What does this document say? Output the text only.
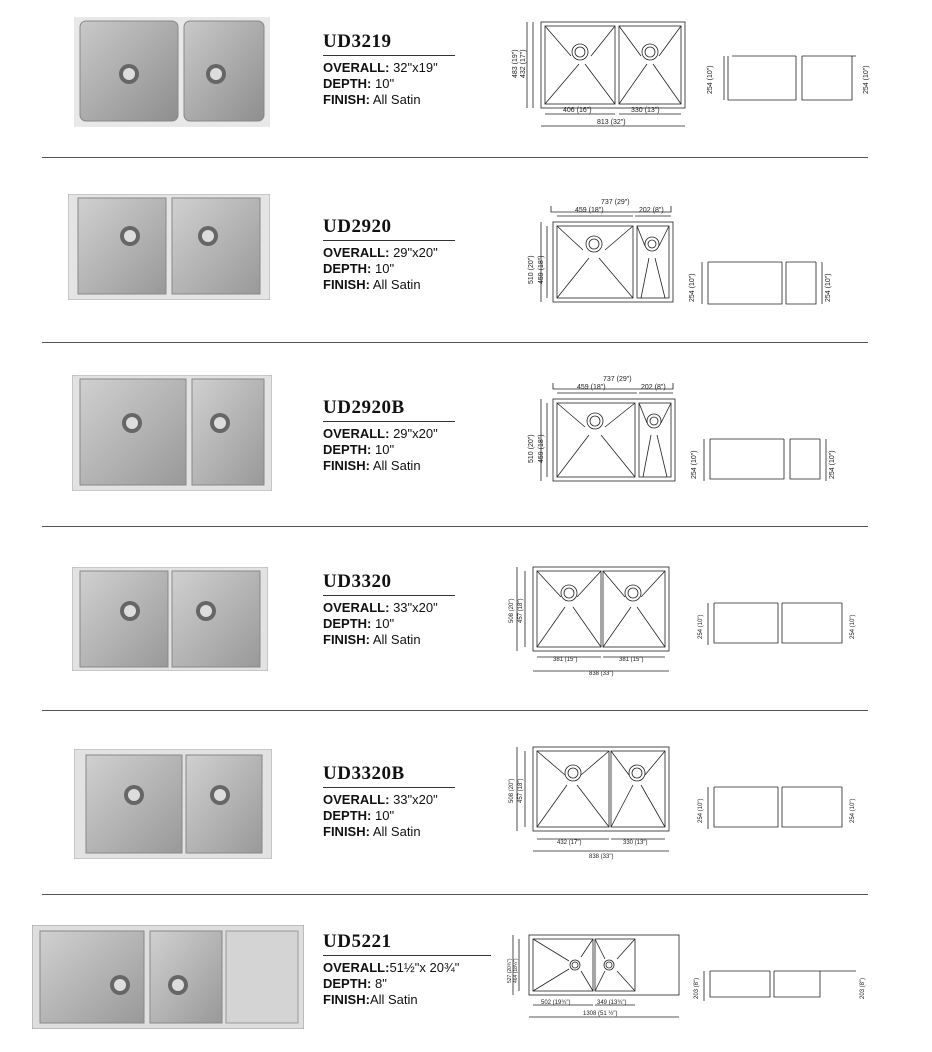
UD3219
OVERALL: 32"x19"
DEPTH: 10"
FINISH: All Satin
483 (19") 432 (17")
406 (16")	330 (13")
813 (32")
254 (10")	254 (10")
UD2920
OVERALL: 29"x20"
DEPTH: 10"
FINISH: All Satin
737 (29")
459 (18")	202 (8")
510 (20") 459 (18")
254 (10")	254 (10")
UD2920B
OVERALL: 29"x20"
DEPTH: 10"
FINISH: All Satin
737 (29")
459 (18")	202 (8")
510 (20") 459 (18")
254 (10")	254 (10")
UD3320
OVERALL: 33"x20"
DEPTH: 10"
FINISH: All Satin
508 (20") 457 (18")
381 (15")	381 (15")
838 (33")
254 (10")	254 (10")
UD3320B
OVERALL: 33"x20"
DEPTH: 10"
FINISH: All Satin
508 (20") 457 (18")
432 (17")	330 (13")
838 (33")
254 (10")	254 (10")
UD5221
OVERALL:51½"x 20¾"
DEPTH: 8"
FINISH:All Satin
527 (20¾") 464 (18¼")
502 (19¾")	349 (13¾")
1308 (51 ½")
203 (8")	203 (8")
